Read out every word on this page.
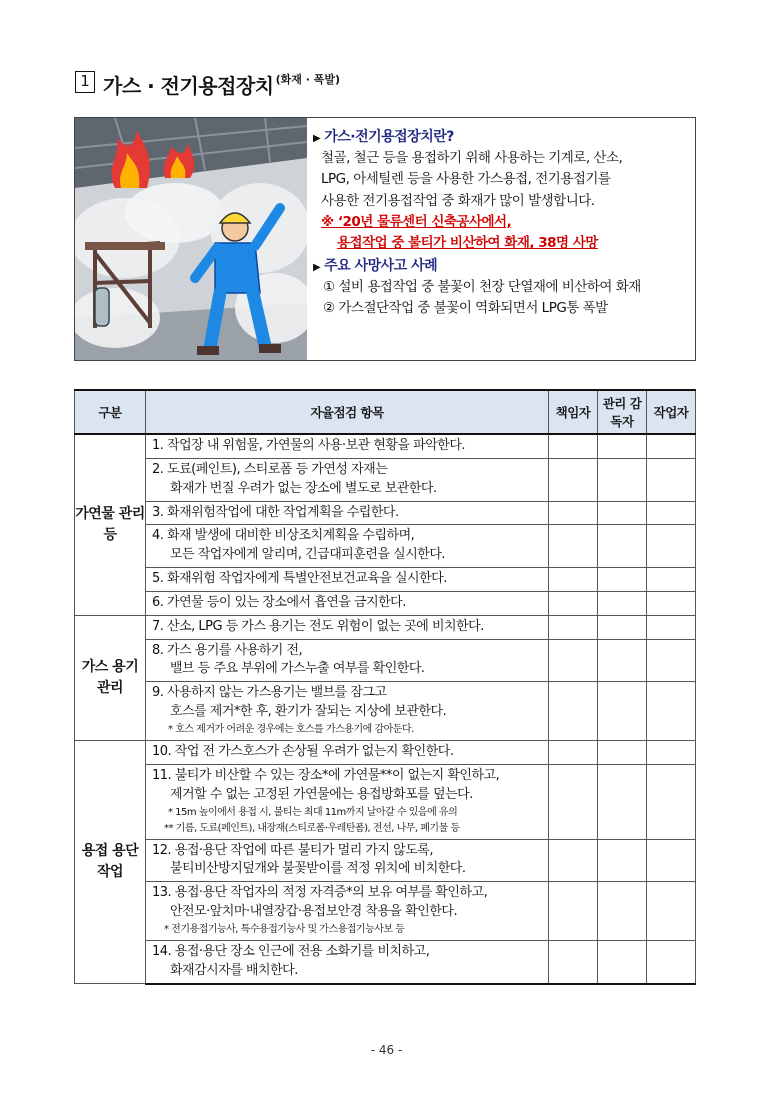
1 가스 · 전기용접장치 (화재 · 폭발)
▶ 가스·전기용접장치란?
철골, 철근 등을 용접하기 위해 사용하는 기계로, 산소,
LPG, 아세틸렌 등을 사용한 가스용접, 전기용접기를
사용한 전기용접작업 중 화재가 많이 발생합니다.
※ ‘20년 물류센터 신축공사에서,
용접작업 중 불티가 비산하여 화재, 38명 사망
▶ 주요 사망사고 사례
① 설비 용접작업 중 불꽃이 천장 단열재에 비산하여 화재
② 가스절단작업 중 불꽃이 역화되면서 LPG통 폭발
구분	자율점검 항목	책임자	관리 감독자	작업자
가연물 관리 등	1. 작업장 내 위험물, 가연물의 사용·보관 현황을 파악한다.			
	2. 도료(페인트), 스티로폼 등 가연성 자재는
화재가 번질 우려가 없는 장소에 별도로 보관한다.			

	3. 화재위험작업에 대한 작업계획을 수립한다.			
	4. 화재 발생에 대비한 비상조치계획을 수립하며,
모든 작업자에게 알리며, 긴급대피훈련을 실시한다.			

	5. 화재위험 작업자에게 특별안전보건교육을 실시한다.			
	6. 가연물 등이 있는 장소에서 흡연을 금지한다.			
가스 용기 관리	7. 산소, LPG 등 가스 용기는 전도 위험이 없는 곳에 비치한다.			
	8. 가스 용기를 사용하기 전,
밸브 등 주요 부위에 가스누출 여부를 확인한다.			

	9. 사용하지 않는 가스용기는 밸브를 잠그고
호스를 제거*한 후, 환기가 잘되는 지상에 보관한다.
* 호스 제거가 어려운 경우에는 호스를 가스용기에 감아둔다.			

용접 용단 작업	10. 작업 전 가스호스가 손상될 우려가 없는지 확인한다.			
	11. 불티가 비산할 수 있는 장소*에 가연물**이 없는지 확인하고,
제거할 수 없는 고정된 가연물에는 용접방화포를 덮는다.
* 15m 높이에서 용접 시, 불티는 최대 11m까지 날아갈 수 있음에 유의
** 기름, 도료(페인트), 내장재(스티로폼·우레탄폼), 전선, 나무, 폐기물 등			

	12. 용접·용단 작업에 따른 불티가 멀리 가지 않도록,
불티비산방지덮개와 불꽃받이를 적정 위치에 비치한다.			

	13. 용접·용단 작업자의 적정 자격증*의 보유 여부를 확인하고,
안전모·앞치마·내열장갑·용접보안경 착용을 확인한다.
* 전기용접기능사, 특수용접기능사 및 가스용접기능사보 등			

	14. 용접·용단 장소 인근에 전용 소화기를 비치하고,
화재감시자를 배치한다.			

- 46 -
